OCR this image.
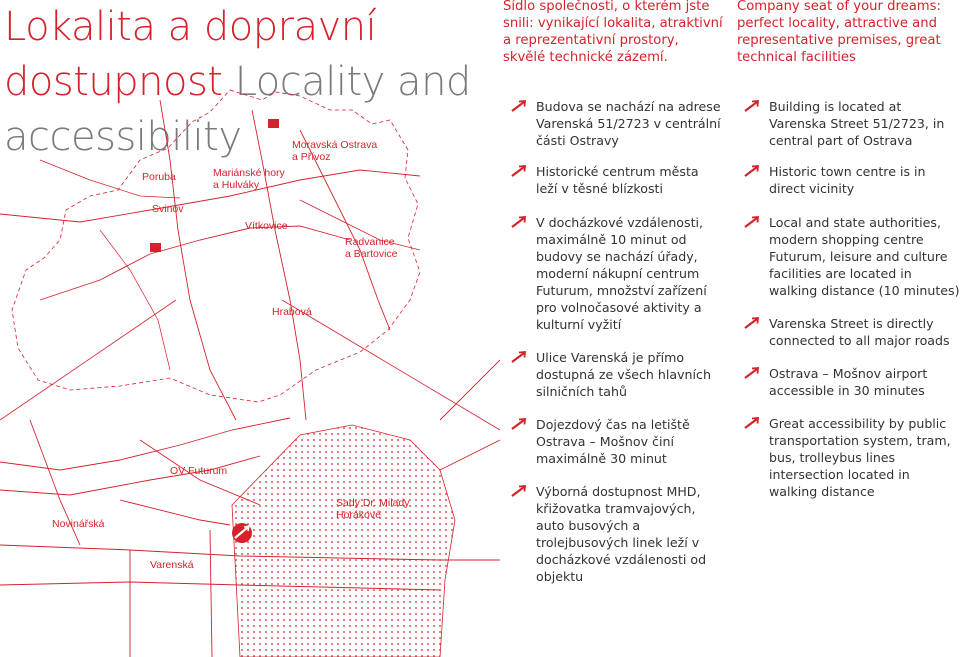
Lokalita a dopravní dostupnost Locality and accessibility
Sídlo společnosti, o kterém jste snili: vynikající lokalita, atraktivní a reprezentativní prostory, skvělé technické zázemí.
Company seat of your dreams: perfect locality, attractive and representative premises, great technical facilities
Poruba
Svinov
Mariánské hory
a Hulváky
Moravská Ostrava
a Přívoz
Vítkovice
Radvanice
a Bartovice
Hrabová
OV Futurum
Sady Dr. Milady
Horákové
Novinářská
Varenská
Budova se nachází na adrese Varenská 51/2723 v centrální části Ostravy
Historické centrum města leží v těsné blízkosti
V docházkové vzdálenosti, maximálně 10 minut od budovy se nachází úřady, moderní nákupní centrum Futurum, množství zařízení pro volnočasové aktivity a kulturní vyžití
Ulice Varenská je přímo dostupná ze všech hlavních silničních tahů
Dojezdový čas na letiště Ostrava – Mošnov činí maximálně 30 minut
Výborná dostupnost MHD, křižovatka tramvajových, auto busových a trolejbusových linek leží v docházkové vzdálenosti od objektu
Building is located at Varenska Street 51/2723, in central part of Ostrava
Historic town centre is in direct vicinity
Local and state authorities, modern shopping centre Futurum, leisure and culture facilities are located in walking distance (10 minutes)
Varenska Street is directly connected to all major roads
Ostrava – Mošnov airport accessible in 30 minutes
Great accessibility by public transportation system, tram, bus, trolleybus lines intersection located in walking distance
